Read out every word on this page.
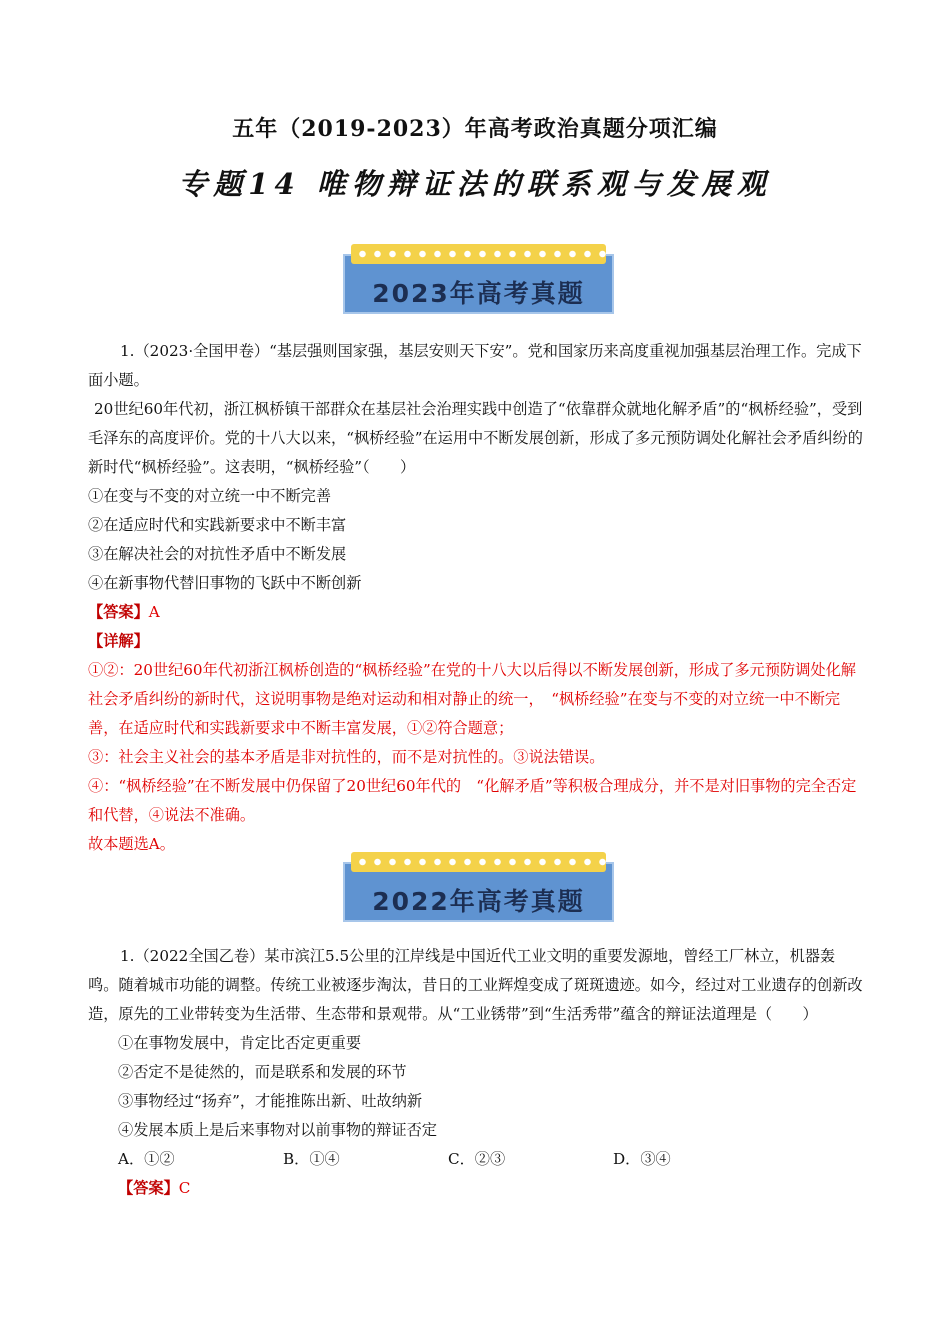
五年（2019-2023）年高考政治真题分项汇编
专题14 唯物辩证法的联系观与发展观
2023年高考真题

1.（2023·全国甲卷）“基层强则国家强，基层安则天下安”。党和国家历来高度重视加强基层治理工作。完成下面小题。

20世纪60年代初，浙江枫桥镇干部群众在基层社会治理实践中创造了“依靠群众就地化解矛盾”的“枫桥经验”，受到毛泽东的高度评价。党的十八大以来，“枫桥经验”在运用中不断发展创新，形成了多元预防调处化解社会矛盾纠纷的新时代“枫桥经验”。这表明，“枫桥经验”（　　）

①在变与不变的对立统一中不断完善

②在适应时代和实践新要求中不断丰富

③在解决社会的对抗性矛盾中不断发展

④在新事物代替旧事物的飞跃中不断创新

【答案】A

【详解】

①②：20世纪60年代初浙江枫桥创造的“枫桥经验”在党的十八大以后得以不断发展创新，形成了多元预防调处化解社会矛盾纠纷的新时代，这说明事物是绝对运动和相对静止的统一，　“枫桥经验”在变与不变的对立统一中不断完善，在适应时代和实践新要求中不断丰富发展，①②符合题意；

③：社会主义社会的基本矛盾是非对抗性的，而不是对抗性的。③说法错误。

④：“枫桥经验”在不断发展中仍保留了20世纪60年代的　“化解矛盾”等积极合理成分，并不是对旧事物的完全否定和代替，④说法不准确。

故本题选A。

2022年高考真题

1.（2022全国乙卷）某市滨江5.5公里的江岸线是中国近代工业文明的重要发源地，曾经工厂林立，机器轰鸣。随着城市功能的调整。传统工业被逐步淘汰，昔日的工业辉煌变成了斑斑遗迹。如今，经过对工业遗存的创新改造，原先的工业带转变为生活带、生态带和景观带。从“工业锈带”到“生活秀带”蕴含的辩证法道理是（　　）

①在事物发展中，肯定比否定更重要

②否定不是徒然的，而是联系和发展的环节

③事物经过“扬弃”，才能推陈出新、吐故纳新

④发展本质上是后来事物对以前事物的辩证否定

A．①②	B．①④	C．②③	D．③④

【答案】C
